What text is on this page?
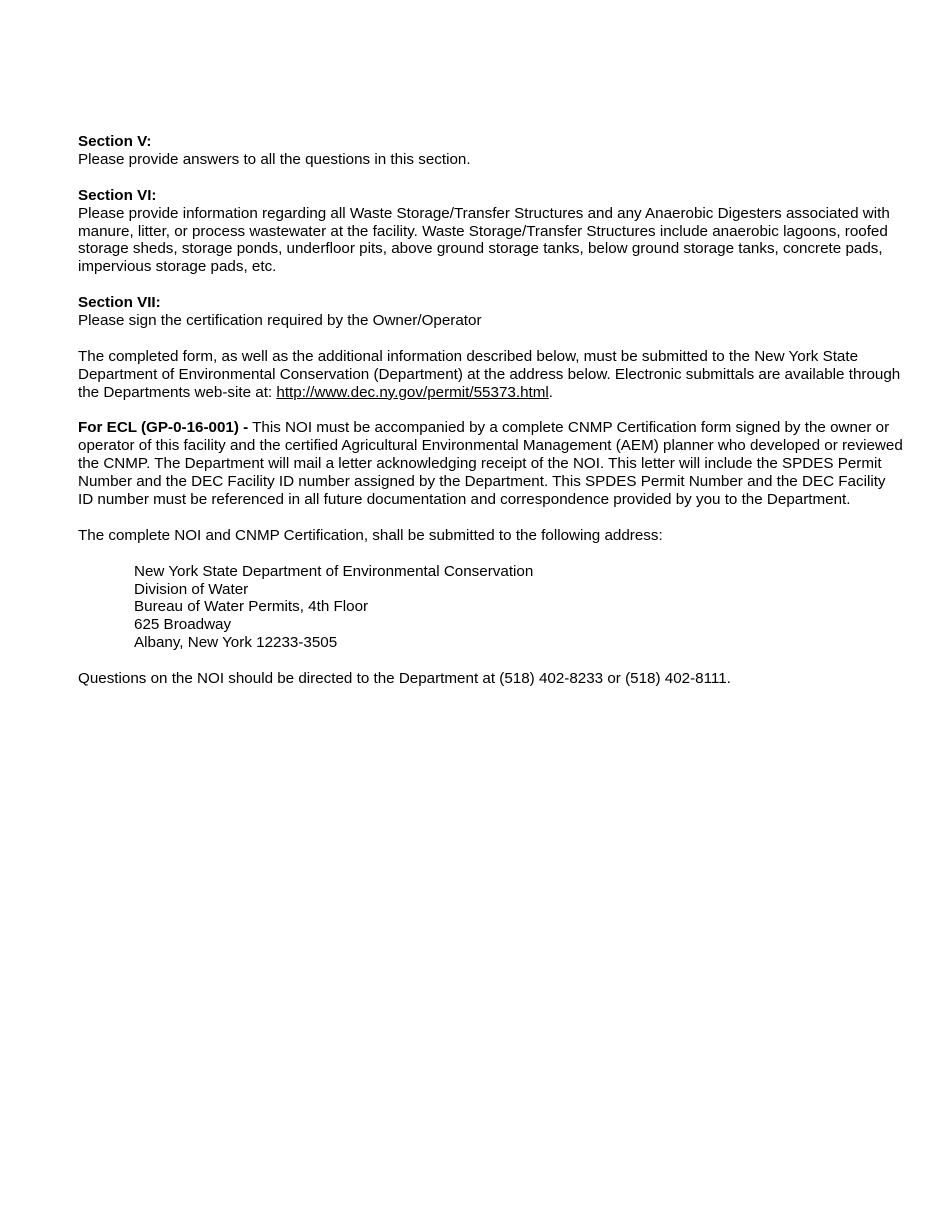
Section V:
Please provide answers to all the questions in this section.
Section VI:
Please provide information regarding all Waste Storage/Transfer Structures and any Anaerobic Digesters associated with manure, litter, or process wastewater at the facility. Waste Storage/Transfer Structures include anaerobic lagoons, roofed storage sheds, storage ponds, underfloor pits, above ground storage tanks, below ground storage tanks, concrete pads, impervious storage pads, etc.
Section VII:
Please sign the certification required by the Owner/Operator
The completed form, as well as the additional information described below, must be submitted to the New York State Department of Environmental Conservation (Department) at the address below. Electronic submittals are available through the Departments web-site at: http://www.dec.ny.gov/permit/55373.html.
For ECL (GP-0-16-001) - This NOI must be accompanied by a complete CNMP Certification form signed by the owner or operator of this facility and the certified Agricultural Environmental Management (AEM) planner who developed or reviewed the CNMP. The Department will mail a letter acknowledging receipt of the NOI. This letter will include the SPDES Permit Number and the DEC Facility ID number assigned by the Department. This SPDES Permit Number and the DEC Facility ID number must be referenced in all future documentation and correspondence provided by you to the Department.
The complete NOI and CNMP Certification, shall be submitted to the following address:
New York State Department of Environmental Conservation
Division of Water
Bureau of Water Permits, 4th Floor
625 Broadway
Albany, New York 12233-3505
Questions on the NOI should be directed to the Department at (518) 402-8233 or (518) 402-8111.
